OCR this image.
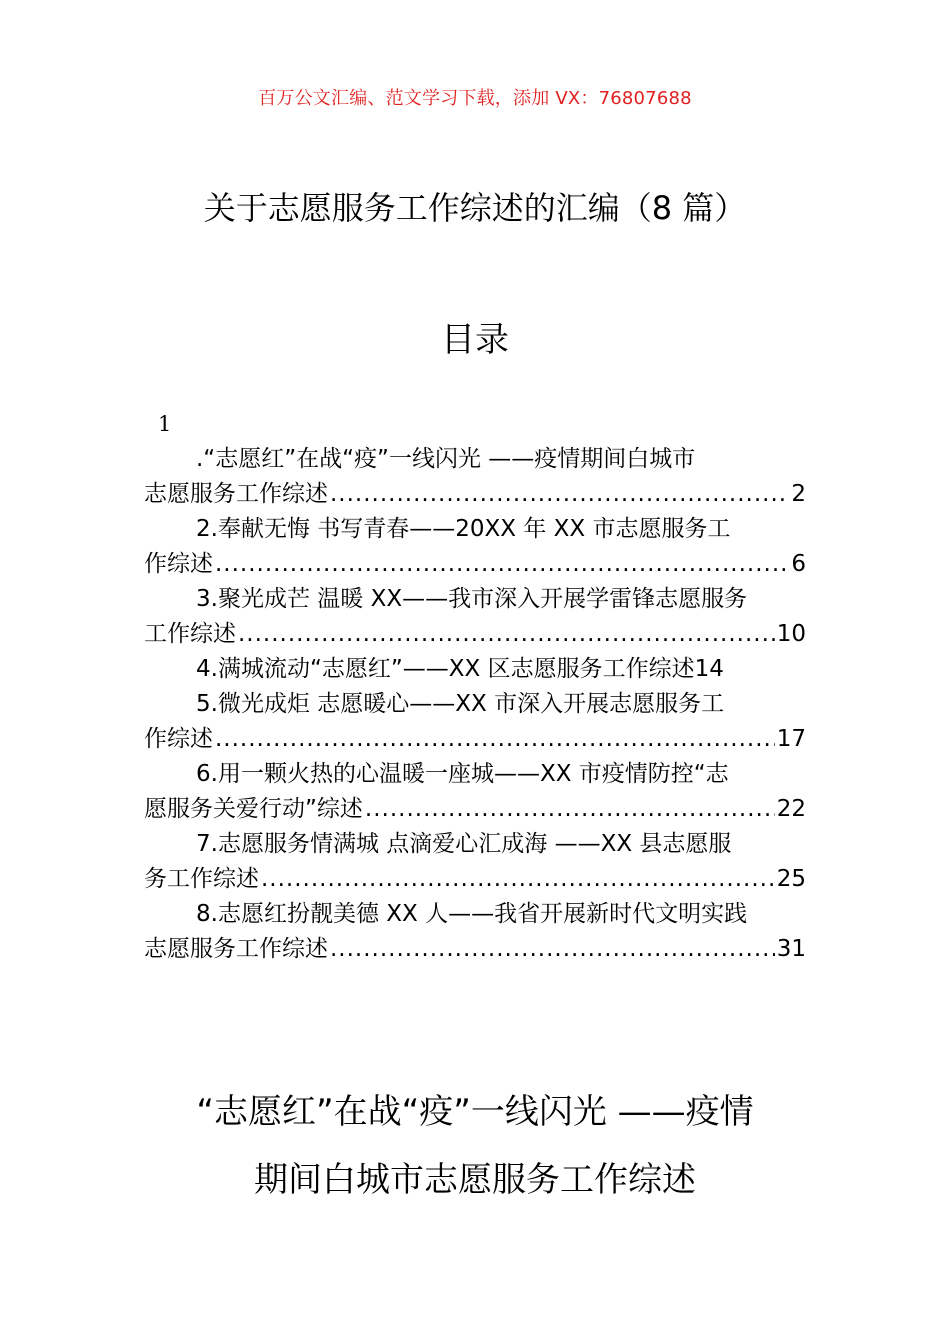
百万公文汇编、范文学习下载，添加 VX：76807688
关于志愿服务工作综述的汇编（8 篇）
目录
1
.“志愿红”在战“疫”一线闪光 ——疫情期间白城市
志愿服务工作综述 .....	2
2.奉献无悔 书写青春——20XX 年 XX 市志愿服务工
作综述 .....	6
3.聚光成芒 温暖 XX——我市深入开展学雷锋志愿服务
工作综述 .....	10
4.满城流动“志愿红”——XX 区志愿服务工作综述 14
5.微光成炬 志愿暖心——XX 市深入开展志愿服务工
作综述 .....	17
6.用一颗火热的心温暖一座城——XX 市疫情防控“志
愿服务关爱行动”综述 .....	22
7.志愿服务情满城 点滴爱心汇成海 ——XX 县志愿服
务工作综述 .....	25
8.志愿红扮靓美德 XX 人——我省开展新时代文明实践
志愿服务工作综述 .....	31
“志愿红”在战“疫”一线闪光 ——疫情
期间白城市志愿服务工作综述
